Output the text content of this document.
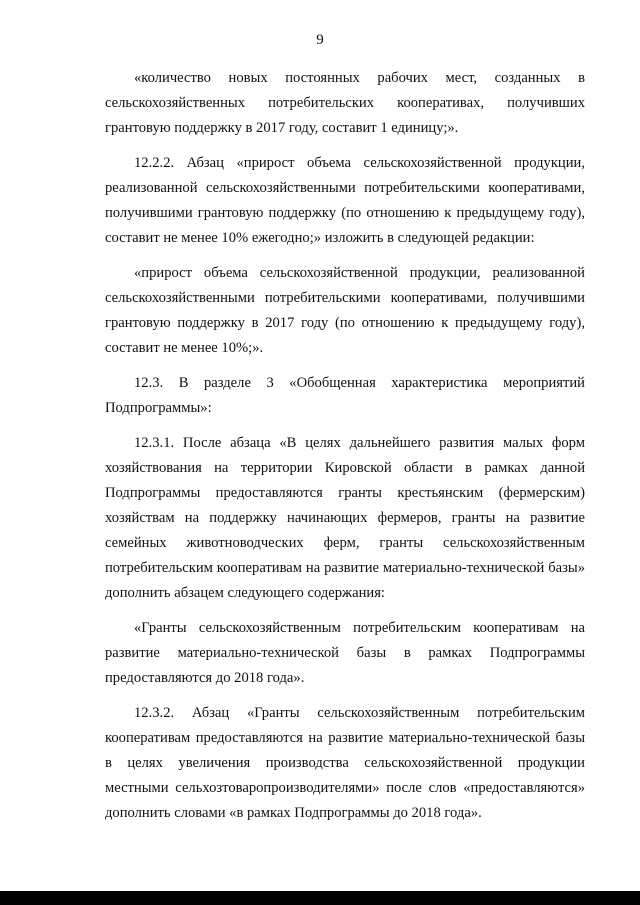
9

«количество новых постоянных рабочих мест, созданных в сельскохозяйственных потребительских кооперативах, получивших грантовую поддержку в 2017 году, составит 1 единицу;».

12.2.2. Абзац «прирост объема сельскохозяйственной продукции, реализованной сельскохозяйственными потребительскими кооперативами, получившими грантовую поддержку (по отношению к предыдущему году), составит не менее 10% ежегодно;» изложить в следующей редакции:

«прирост объема сельскохозяйственной продукции, реализованной сельскохозяйственными потребительскими кооперативами, получившими грантовую поддержку в 2017 году (по отношению к предыдущему году), составит не менее 10%;».

12.3. В разделе 3 «Обобщенная характеристика мероприятий Подпрограммы»:

12.3.1. После абзаца «В целях дальнейшего развития малых форм хозяйствования на территории Кировской области в рамках данной Подпрограммы предоставляются гранты крестьянским (фермерским) хозяйствам на поддержку начинающих фермеров, гранты на развитие семейных животноводческих ферм, гранты сельскохозяйственным потребительским кооперативам на развитие материально-технической базы» дополнить абзацем следующего содержания:

«Гранты сельскохозяйственным потребительским кооперативам на развитие материально-технической базы в рамках Подпрограммы предоставляются до 2018 года».

12.3.2. Абзац «Гранты сельскохозяйственным потребительским кооперативам предоставляются на развитие материально-технической базы в целях увеличения производства сельскохозяйственной продукции местными сельхозтоваропроизводителями» после слов «предоставляются» дополнить словами «в рамках Подпрограммы до 2018 года».
